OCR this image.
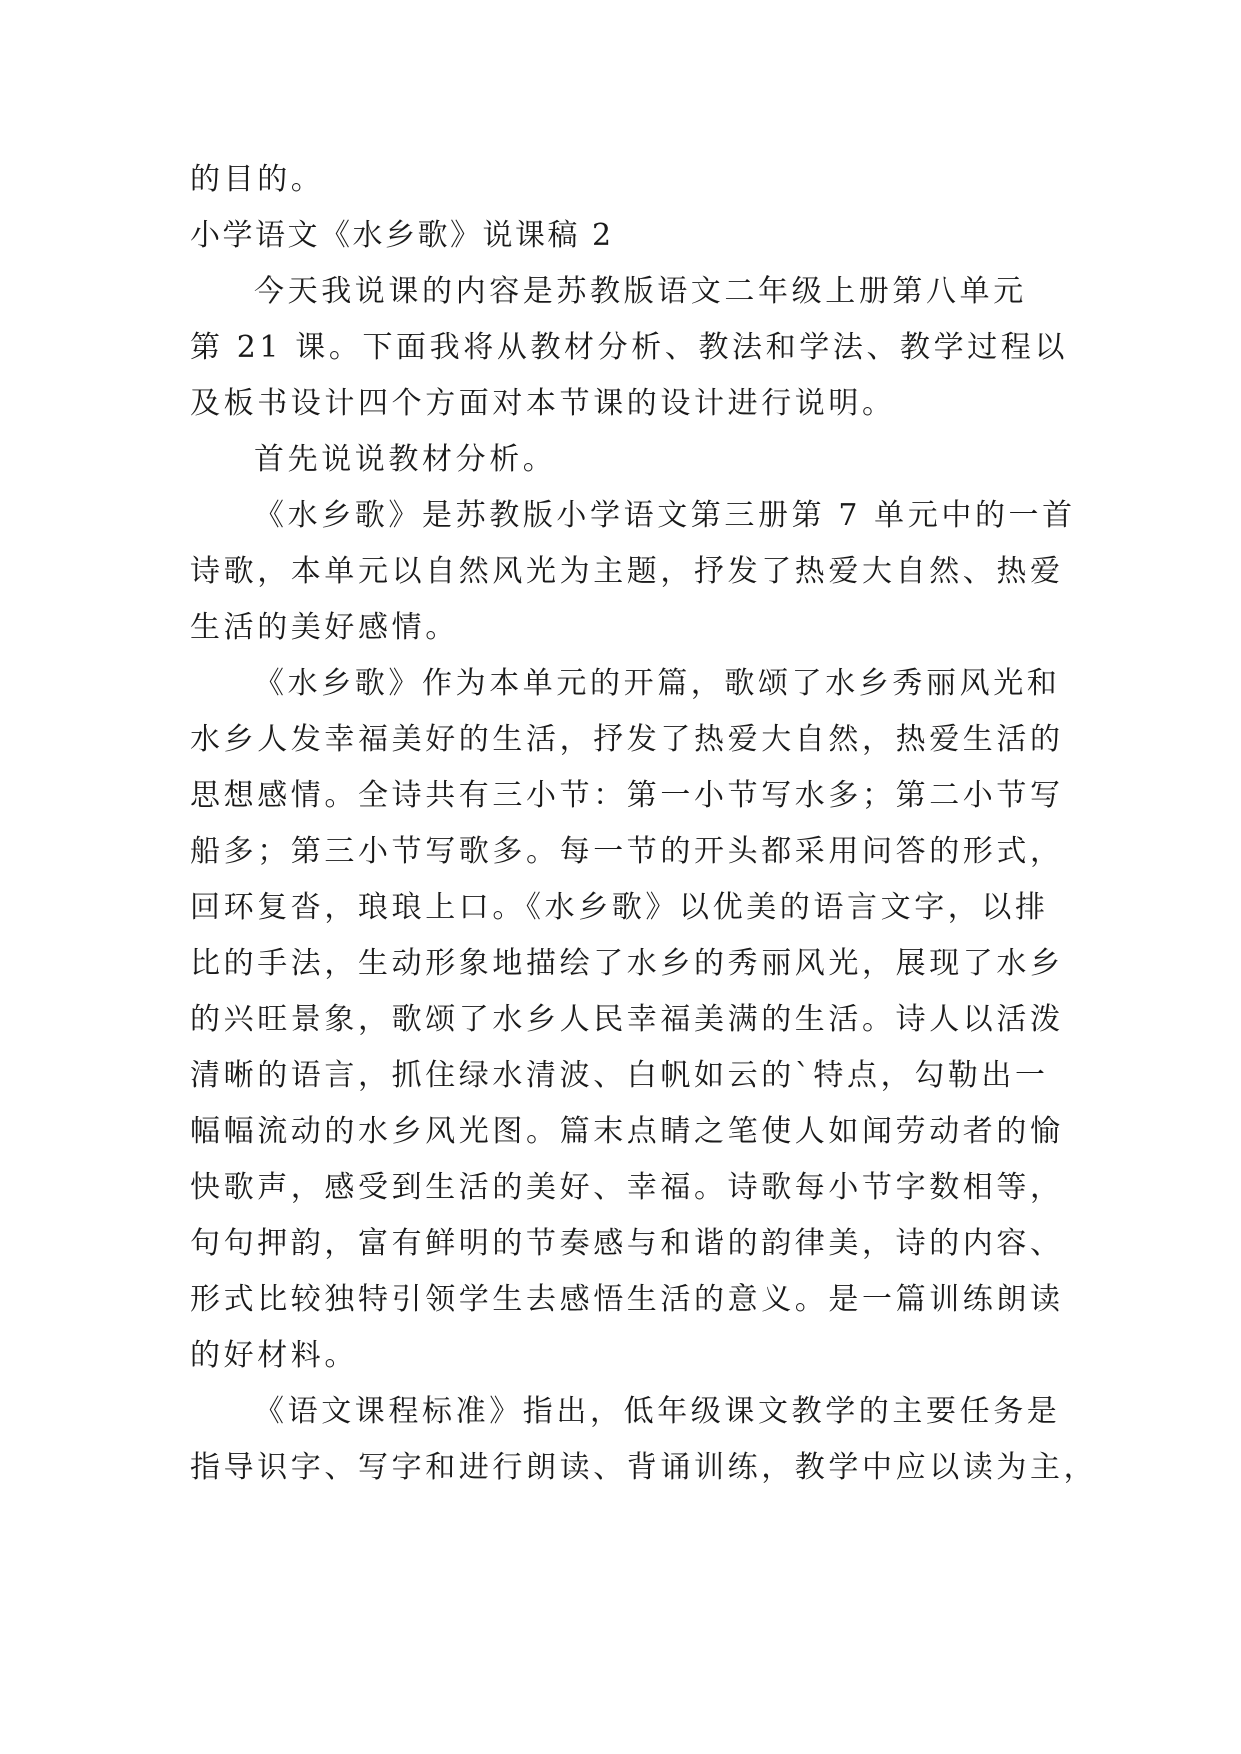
的目的。
小学语文《水乡歌》说课稿 2
今天我说课的内容是苏教版语文二年级上册第八单元
第 21 课。下面我将从教材分析、教法和学法、教学过程以
及板书设计四个方面对本节课的设计进行说明。
首先说说教材分析。
《水乡歌》是苏教版小学语文第三册第 7 单元中的一首
诗歌，本单元以自然风光为主题，抒发了热爱大自然、热爱
生活的美好感情。
《水乡歌》作为本单元的开篇，歌颂了水乡秀丽风光和
水乡人发幸福美好的生活，抒发了热爱大自然，热爱生活的
思想感情。全诗共有三小节：第一小节写水多；第二小节写
船多；第三小节写歌多。每一节的开头都采用问答的形式，
回环复沓，琅琅上口。《水乡歌》以优美的语言文字，以排
比的手法，生动形象地描绘了水乡的秀丽风光，展现了水乡
的兴旺景象，歌颂了水乡人民幸福美满的生活。诗人以活泼
清晰的语言，抓住绿水清波、白帆如云的`特点，勾勒出一
幅幅流动的水乡风光图。篇末点睛之笔使人如闻劳动者的愉
快歌声，感受到生活的美好、幸福。诗歌每小节字数相等，
句句押韵，富有鲜明的节奏感与和谐的韵律美，诗的内容、
形式比较独特引领学生去感悟生活的意义。是一篇训练朗读
的好材料。
《语文课程标准》指出，低年级课文教学的主要任务是
指导识字、写字和进行朗读、背诵训练，教学中应以读为主，
